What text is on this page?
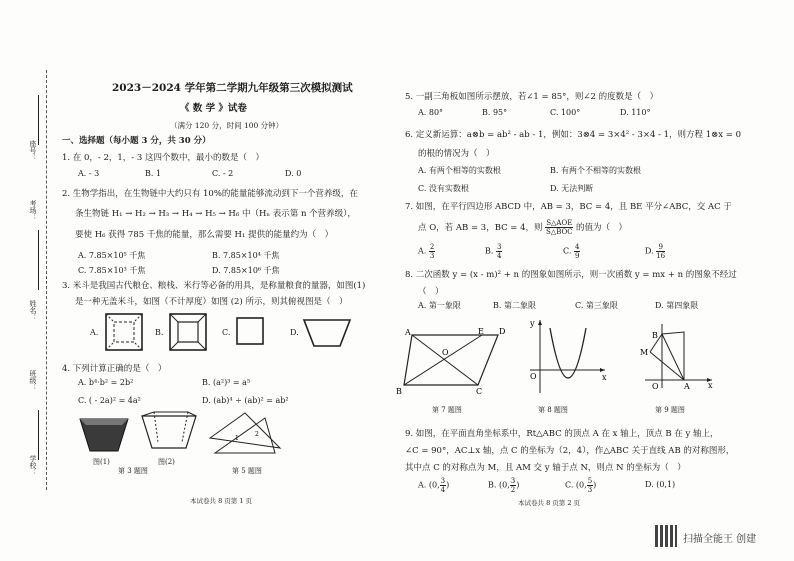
座号：
考场：
姓名：
班级：
学校：
2023－2024 学年第二学期九年级第三次模拟测试
《 数 学 》试卷
（满分 120 分，时间 100 分钟）
一、选择题（每小题 3 分，共 30 分）
1. 在 0，- 2，1，- 3 这四个数中，最小的数是（　）
A. - 3	B. 1	C. - 2	D. 0
2. 生物学指出，在生物链中大约只有 10%的能量能够流动到下一个营养级，在
条生物链 H₁ → H₂ → H₃ → H₄ → H₅ → H₆ 中（Hₙ 表示第 n 个营养级），
要使 H₆ 获得 785 千焦的能量，那么需要 H₁ 提供的能量约为（　）
A. 7.85×10⁵ 千焦	B. 7.85×10⁴ 千焦
C. 7.85×10³ 千焦	D. 7.85×10⁶ 千焦
3. 米斗是我国古代粮仓、粮栈、米行等必备的用具，是称量粮食的量器，如图(1)
是一种无盖米斗，如图（不计厚度）如图 (2) 所示，则其俯视图是（　）
A.	B.	C.	D.
4. 下列计算正确的是（　）
A. b⁴·b² = 2b²	B. (a²)³ = a⁵
C. ( - 2a)² = 4a²	D. (ab)⁴ ÷ (ab)² = ab²
图(1)	图(2)
1
2
第 3 题图	第 5 题图
本试卷共 8 页第 1 页
5. 一副三角板如图所示摆放，若∠1 = 85°，则∠2 的度数是（　）
A. 80°	B. 95°	C. 100°	D. 110°
6. 定义新运算：a⊗b = ab² - ab - 1，例如：3⊗4 = 3×4² - 3×4 - 1，则方程 1⊗x = 0
的根的情况为（　）
A. 有两个相等的实数根	B. 有两个不相等的实数根
C. 没有实数根	D. 无法判断
7. 如图，在平行四边形 ABCD 中，AB = 3，BC = 4，且 BE 平分∠ABC，交 AC 于
点 O，若 AB = 3，BC = 4，则 $\frac{\text{S△AOE}}{\text{S△BOC}}$ 的值为（　）
A. $\frac{2}{3}$	B. $\frac{3}{4}$	C. $\frac{4}{9}$	D. $\frac{9}{16}$
8. 二次函数 y = (x - m)² + n 的图象如图所示，则一次函数 y = mx + n 的图象不经过
（　）
A. 第一象限	B. 第二象限	C. 第三象限	D. 第四象限
A	E D
O
B	C
y
O	x
B
M
O	A x
第 7 题图	第 8 题图	第 9 题图
9. 如图，在平面直角坐标系中，Rt△ABC 的顶点 A 在 x 轴上，顶点 B 在 y 轴上，
∠C = 90°，AC⊥x 轴，点 C 的坐标为（2，4），作△ABC 关于直线 AB 的对称图形，
其中点 C 的对称点为 M，且 AM 交 y 轴于点 N，则点 N 的坐标为（　）
A. (0, $\frac{3}{4}$ )	B. (0, $\frac{3}{2}$ )	C. (0, $\frac{5}{3}$ )	D. (0,1)
本试卷共 8 页第 2 页
扫描全能王 创建
